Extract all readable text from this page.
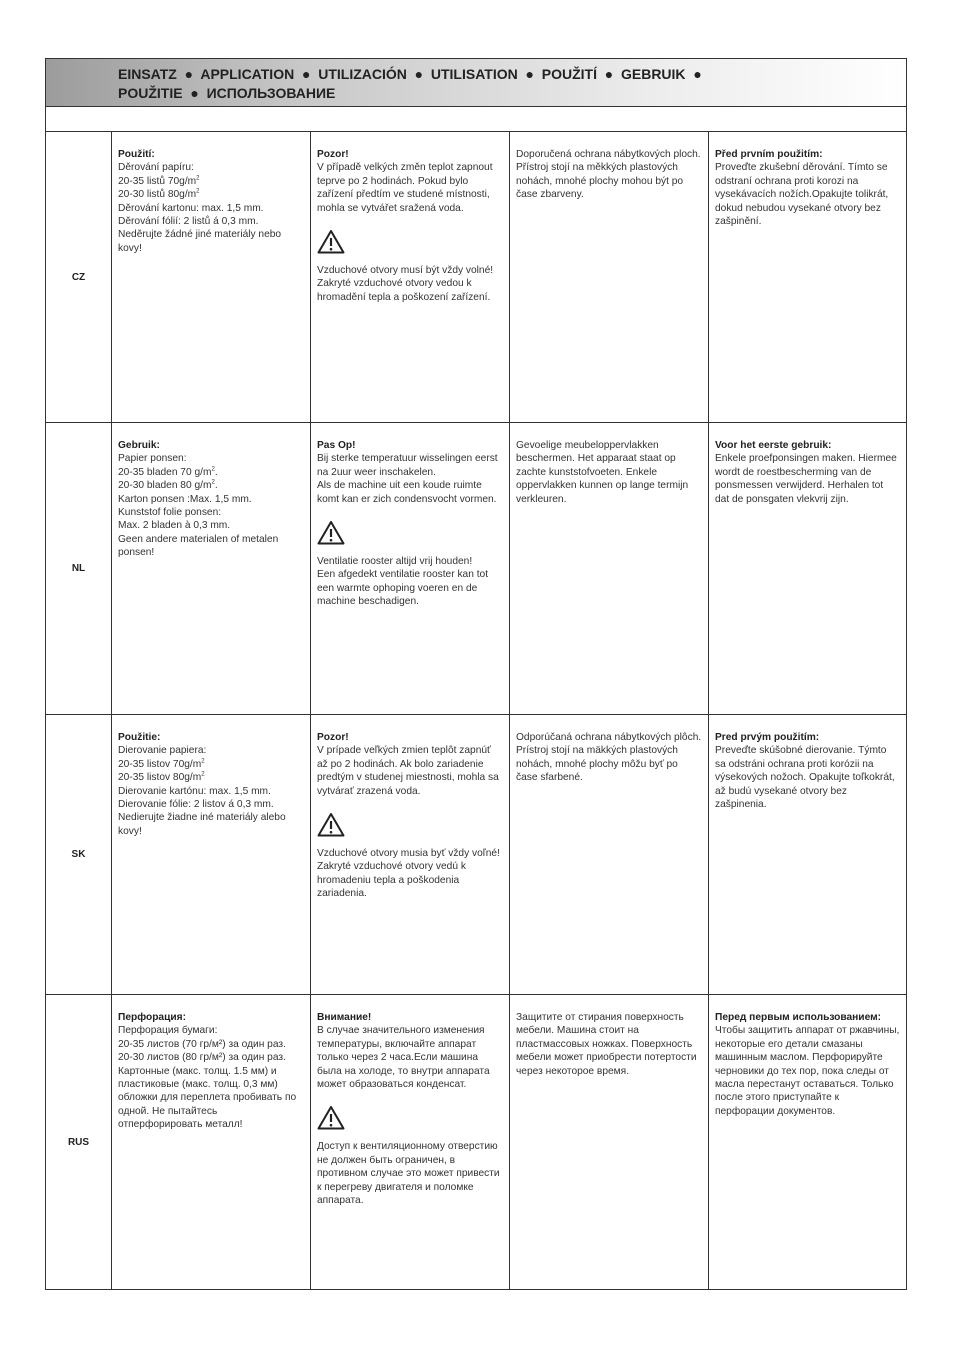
EINSATZ  ●  APPLICATION  ●  UTILIZACIÓN  ●  UTILISATION  ●  POUŽITÍ  ●  GEBRUIK  ●
POUŽITIE  ●  ИСПОЛЬЗОВАНИЕ
CZ
Použití:
Děrování papíru:
20-35 listů $70g/m^2$
20-30 listů $80g/m^2$
Děrování kartonu: max. 1,5 mm.
Děrování fólií: 2 listů á 0,3 mm.
Neděrujte žádné jiné materiály nebo kovy!
Pozor!
V případě velkých změn teplot zapnout teprve po 2 hodinách. Pokud bylo zařízení předtím ve studené místnosti, mohla se vytvářet sražená voda.
Vzduchové otvory musí být vždy volné!
Zakryté vzduchové otvory vedou k hromadění tepla a poškození zařízení.
Doporučená ochrana nábytkových ploch. Přístroj stojí na měkkých plastových nohách, mnohé plochy mohou být po čase zbarveny.
Před prvním použitím:
Proveďte zkušební děrování. Tímto se odstraní ochrana proti korozi na vysekávacích nožích.Opakujte tolikrát, dokud nebudou vysekané otvory bez zašpinění.
NL
Gebruik:
Papier ponsen:
20-35 bladen 70 $g/m^2$.
20-30 bladen 80 $g/m^2$.
Karton ponsen :Max. 1,5 mm.
Kunststof folie ponsen:
Max. 2 bladen à 0,3 mm.
Geen andere materialen of metalen ponsen!
Pas Op!
Bij sterke temperatuur wisselingen eerst na 2uur weer inschakelen.
Als de machine uit een koude ruimte komt kan er zich condensvocht vormen.
Ventilatie rooster altijd vrij houden!
Een afgedekt ventilatie rooster kan tot een warmte ophoping voeren en de machine beschadigen.
Gevoelige meubeloppervlakken beschermen. Het apparaat staat op zachte kunststofvoeten. Enkele oppervlakken kunnen op lange termijn verkleuren.
Voor het eerste gebruik:
Enkele proefponsingen maken. Hiermee wordt de roestbescherming van de ponsmessen verwijderd. Herhalen tot dat de ponsgaten vlekvrij zijn.
SK
Použitie:
Dierovanie papiera:
20-35 listov $70g/m^2$
20-35 listov $80g/m^2$
Dierovanie kartónu: max. 1,5 mm.
Dierovanie fólie: 2 listov á 0,3 mm.
Nedierujte žiadne iné materiály alebo kovy!
Pozor!
V prípade veľkých zmien teplôt zapnúť až po 2 hodinách. Ak bolo zariadenie predtým v studenej miestnosti, mohla sa vytvárať zrazená voda.
Vzduchové otvory musia byť vždy voľné! Zakryté vzduchové otvory vedú k hromadeniu tepla a poškodenia zariadenia.
Odporúčaná ochrana nábytkových plôch. Prístroj stojí na mäkkých plastových nohách, mnohé plochy môžu byť po čase sfarbené.
Pred prvým použitím:
Preveďte skúšobné dierovanie. Týmto sa odstráni ochrana proti korózii na výsekových nožoch. Opakujte toľkokrát, až budú vysekané otvory bez zašpinenia.
RUS
Перфорация:
Перфорация бумаги:
20-35 листов (70 гр/м²) за один раз.
20-30 листов (80 гр/м²) за один раз.
Картонные (макс. толщ. 1.5 мм) и пластиковые (макс. толщ. 0,3 мм) обложки для переплета пробивать по одной. Не пытайтесь отперфорировать металл!
Внимание!
В случае значительного изменения температуры, включайте аппарат только через 2 часа.Если машина была на холоде, то внутри аппарата может образоваться конденсат.
Доступ к вентиляционному отверстию не должен быть ограничен, в противном случае это может привести к перегреву двигателя и поломке аппарата.
Защитите от стирания поверхность мебели. Машина стоит на пластмассовых ножках. Поверхность мебели может приобрести потертости через некоторое время.
Перед первым использованием:
Чтобы защитить аппарат от ржавчины, некоторые его детали смазаны машинным маслом. Перфорируйте черновики до тех пор, пока следы от масла перестанут оставаться. Только после этого приступайте к перфорации документов.
